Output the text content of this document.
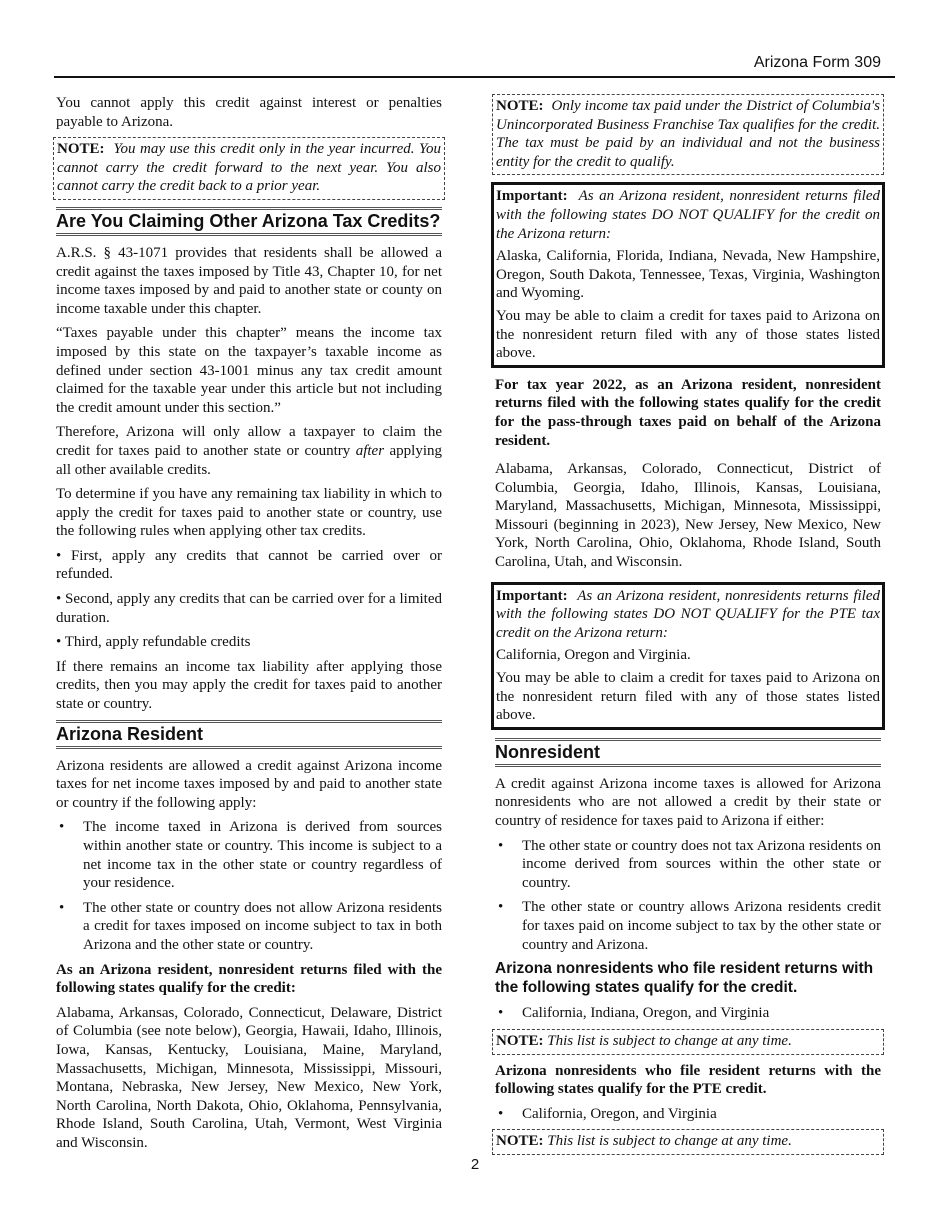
Arizona Form 309

You cannot apply this credit against interest or penalties payable to Arizona.

NOTE: You may use this credit only in the year incurred. You cannot carry the credit forward to the next year. You also cannot carry the credit back to a prior year.
Are You Claiming Other Arizona Tax Credits?

A.R.S. § 43-1071 provides that residents shall be allowed a credit against the taxes imposed by Title 43, Chapter 10, for net income taxes imposed by and paid to another state or county on income taxable under this chapter.

“Taxes payable under this chapter” means the income tax imposed by this state on the taxpayer’s taxable income as defined under section 43-1001 minus any tax credit amount claimed for the taxable year under this article but not including the credit amount under this section.”

Therefore, Arizona will only allow a taxpayer to claim the credit for taxes paid to another state or country after applying all other available credits.

To determine if you have any remaining tax liability in which to apply the credit for taxes paid to another state or country, use the following rules when applying other tax credits.

• First, apply any credits that cannot be carried over or refunded.
• Second, apply any credits that can be carried over for a limited duration.
• Third, apply refundable credits

If there remains an income tax liability after applying those credits, then you may apply the credit for taxes paid to another state or country.

Arizona Resident

Arizona residents are allowed a credit against Arizona income taxes for net income taxes imposed by and paid to another state or country if the following apply:

• The income taxed in Arizona is derived from sources within another state or country. This income is subject to a net income tax in the other state or country regardless of your residence.
• The other state or country does not allow Arizona residents a credit for taxes imposed on income subject to tax in both Arizona and the other state or country.

As an Arizona resident, nonresident returns filed with the following states qualify for the credit:

Alabama, Arkansas, Colorado, Connecticut, Delaware, District of Columbia (see note below), Georgia, Hawaii, Idaho, Illinois, Iowa, Kansas, Kentucky, Louisiana, Maine, Maryland, Massachusetts, Michigan, Minnesota, Mississippi, Missouri, Montana, Nebraska, New Jersey, New Mexico, New York, North Carolina, North Dakota, Ohio, Oklahoma, Pennsylvania, Rhode Island, South Carolina, Utah, Vermont, West Virginia and Wisconsin.

NOTE: Only income tax paid under the District of Columbia's Unincorporated Business Franchise Tax qualifies for the credit. The tax must be paid by an individual and not the business entity for the credit to qualify.

Important: As an Arizona resident, nonresident returns filed with the following states DO NOT QUALIFY for the credit on the Arizona return:

Alaska, California, Florida, Indiana, Nevada, New Hampshire, Oregon, South Dakota, Tennessee, Texas, Virginia, Washington and Wyoming.

You may be able to claim a credit for taxes paid to Arizona on the nonresident return filed with any of those states listed above.

For tax year 2022, as an Arizona resident, nonresident returns filed with the following states qualify for the credit for the pass-through taxes paid on behalf of the Arizona resident.

Alabama, Arkansas, Colorado, Connecticut, District of Columbia, Georgia, Idaho, Illinois, Kansas, Louisiana, Maryland, Massachusetts, Michigan, Minnesota, Mississippi, Missouri (beginning in 2023), New Jersey, New Mexico, New York, North Carolina, Ohio, Oklahoma, Rhode Island, South Carolina, Utah, and Wisconsin.

Important: As an Arizona resident, nonresidents returns filed with the following states DO NOT QUALIFY for the PTE tax credit on the Arizona return:

California, Oregon and Virginia.

You may be able to claim a credit for taxes paid to Arizona on the nonresident return filed with any of those states listed above.

Nonresident

A credit against Arizona income taxes is allowed for Arizona nonresidents who are not allowed a credit by their state or country of residence for taxes paid to Arizona if either:

• The other state or country does not tax Arizona residents on income derived from sources within the other state or country.
• The other state or country allows Arizona residents credit for taxes paid on income subject to tax by the other state or country and Arizona.
Arizona nonresidents who file resident returns with the following states qualify for the credit.
• California, Indiana, Oregon, and Virginia
NOTE: This list is subject to change at any time.

Arizona nonresidents who file resident returns with the following states qualify for the PTE credit.

• California, Oregon, and Virginia
NOTE: This list is subject to change at any time.
2
